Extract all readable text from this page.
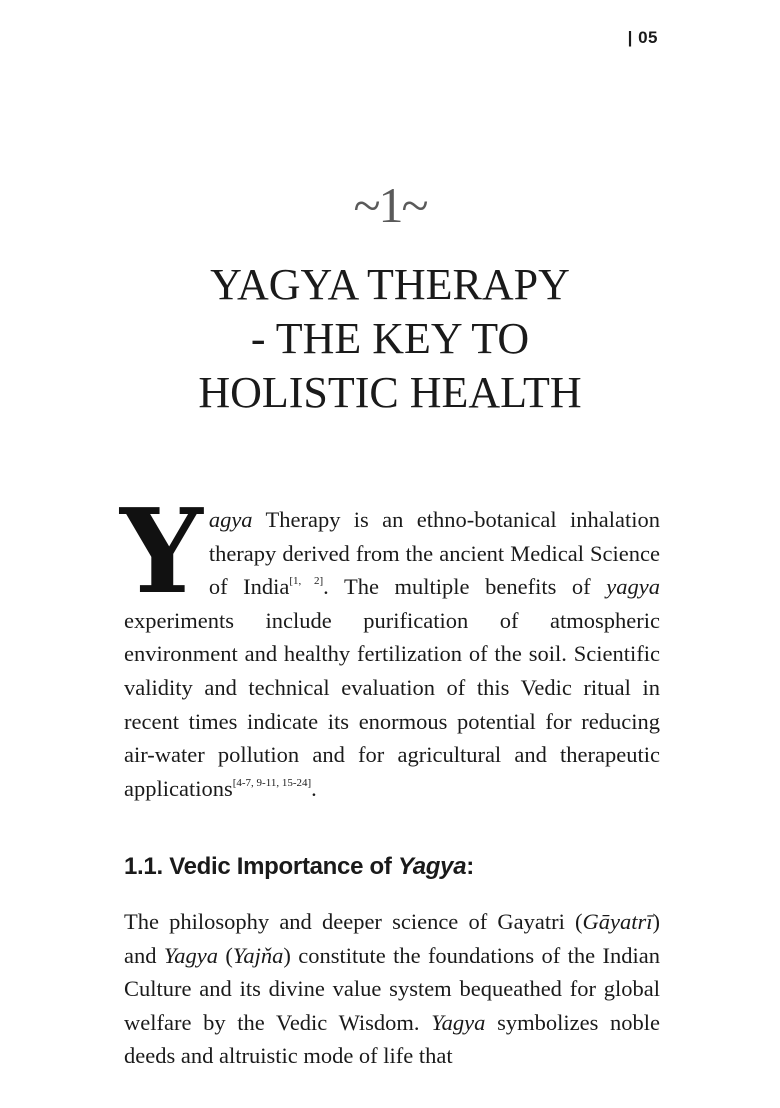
| 05
~1~
YAGYA THERAPY
- THE KEY TO
HOLISTIC HEALTH
Yagya Therapy is an ethno-botanical inhalation therapy derived from the ancient Medical Science of India[1, 2]. The multiple benefits of yagya experiments include purification of atmospheric environment and healthy fertilization of the soil. Scientific validity and technical evaluation of this Vedic ritual in recent times indicate its enormous potential for reducing air-water pollution and for agricultural and therapeutic applications[4-7, 9-11, 15-24].
1.1. Vedic Importance of Yagya:
The philosophy and deeper science of Gayatri (Gāyatrī) and Yagya (Yajňa) constitute the foundations of the Indian Culture and its divine value system bequeathed for global welfare by the Vedic Wisdom. Yagya symbolizes noble deeds and altruistic mode of life that
